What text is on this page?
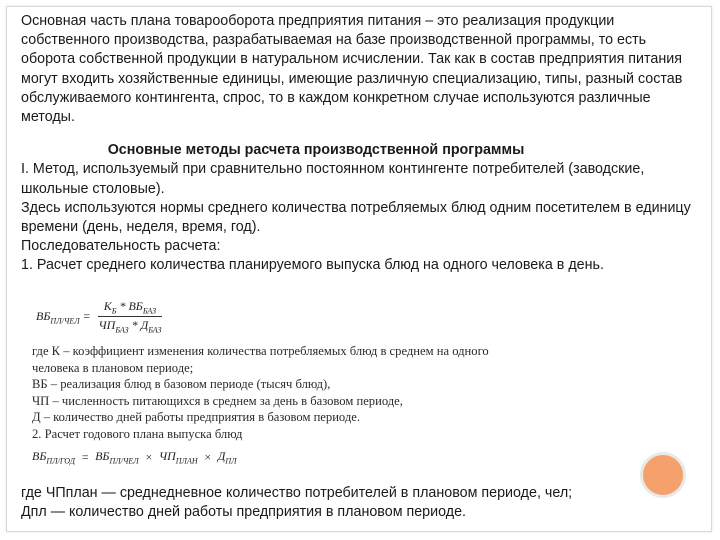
Основная часть плана товарооборота предприятия питания – это реализация продукции собственного производства, разрабатываемая на базе производственной программы, то есть оборота собственной продукции в натуральном исчислении. Так как в состав предприятия питания могут входить хозяйственные единицы, имеющие различную специализацию, типы, разный состав обслуживаемого контингента, спрос, то в каждом конкретном случае используются различные методы.

Основные методы расчета производственной программы

I. Метод, используемый при сравнительно постоянном контингенте потребителей (заводские, школьные столовые).

Здесь используются нормы среднего количества потребляемых блюд одним посетителем в единицу времени (день, неделя, время, год).

Последовательность расчета:

1. Расчет среднего количества планируемого выпуска блюд на одного человека в день.

$ВБ_{ПЛ/ЧЕЛ} = \frac{К_Б * ВБ_{БАЗ}}{ЧП_{БАЗ} * Д_{БАЗ}}$

где К – коэффициент изменения количества потребляемых блюд в среднем на одного человека в плановом периоде;

ВБ – реализация блюд в базовом периоде (тысяч блюд),

ЧП – численность питающихся в среднем за день в базовом периоде,

Д – количество дней работы предприятия в базовом периоде.

2. Расчет годового плана выпуска блюд

$ВБ_{ПЛ/ГОД} = ВБ_{ПЛ/ЧЕЛ} \times ЧП_{ПЛАН} \times Д_{ПЛ}$

где ЧПплан — среднедневное количество потребителей в плановом периоде, чел;

Дпл — количество дней работы предприятия в плановом периоде.
